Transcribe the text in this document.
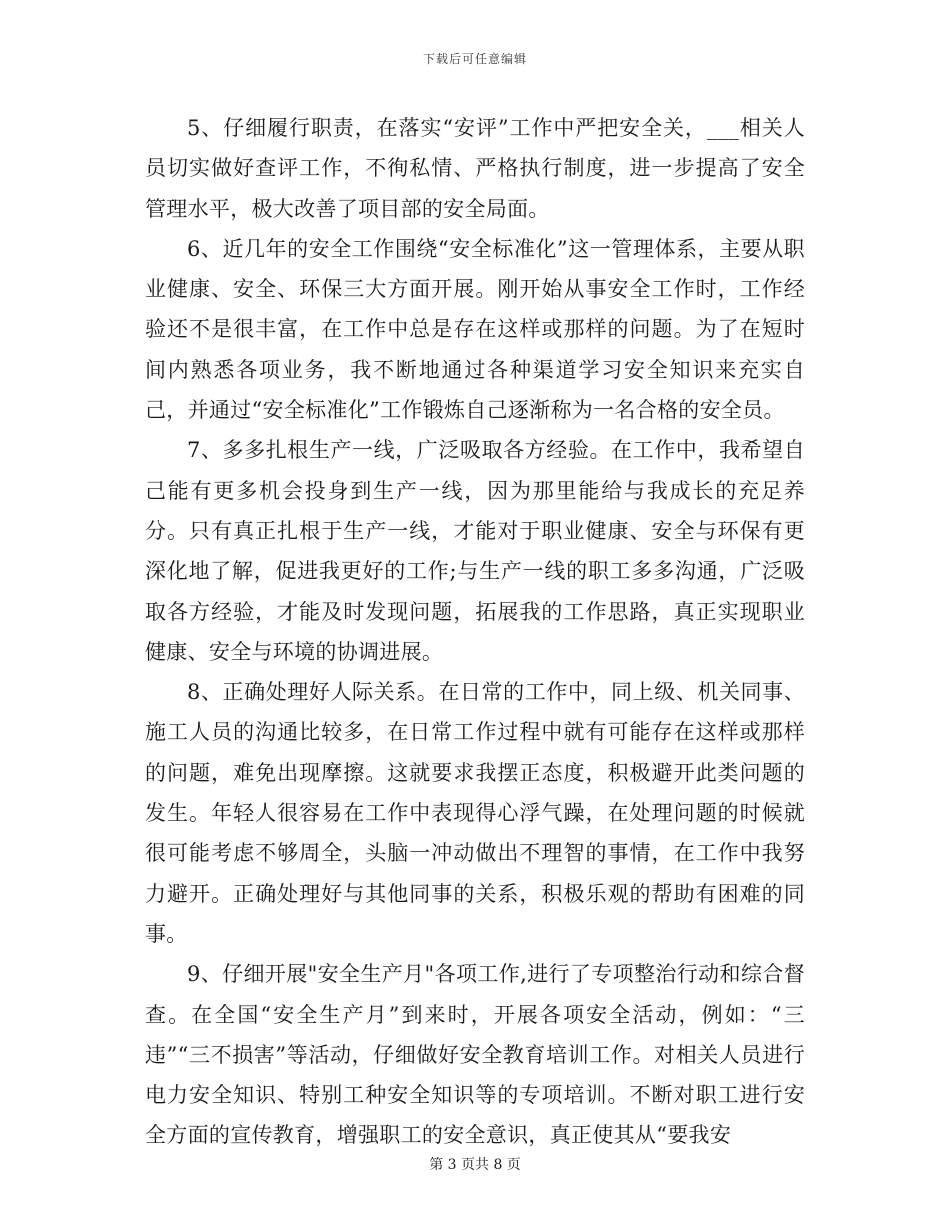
下载后可任意编辑

5、仔细履行职责，在落实“安评”工作中严把安全关，___相关人员切实做好查评工作，不徇私情、严格执行制度，进一步提高了安全管理水平，极大改善了项目部的安全局面。

6、近几年的安全工作围绕“安全标准化”这一管理体系，主要从职业健康、安全、环保三大方面开展。刚开始从事安全工作时，工作经验还不是很丰富，在工作中总是存在这样或那样的问题。为了在短时间内熟悉各项业务，我不断地通过各种渠道学习安全知识来充实自己，并通过“安全标准化”工作锻炼自己逐渐称为一名合格的安全员。

7、多多扎根生产一线，广泛吸取各方经验。在工作中，我希望自己能有更多机会投身到生产一线，因为那里能给与我成长的充足养分。只有真正扎根于生产一线，才能对于职业健康、安全与环保有更深化地了解，促进我更好的工作;与生产一线的职工多多沟通，广泛吸取各方经验，才能及时发现问题，拓展我的工作思路，真正实现职业健康、安全与环境的协调进展。

8、正确处理好人际关系。在日常的工作中，同上级、机关同事、施工人员的沟通比较多，在日常工作过程中就有可能存在这样或那样的问题，难免出现摩擦。这就要求我摆正态度，积极避开此类问题的发生。年轻人很容易在工作中表现得心浮气躁，在处理问题的时候就很可能考虑不够周全，头脑一冲动做出不理智的事情，在工作中我努力避开。正确处理好与其他同事的关系，积极乐观的帮助有困难的同事。

9、仔细开展"安全生产月"各项工作,进行了专项整治行动和综合督查。在全国“安全生产月”到来时，开展各项安全活动，例如：“三违”“三不损害”等活动，仔细做好安全教育培训工作。对相关人员进行电力安全知识、特别工种安全知识等的专项培训。不断对职工进行安全方面的宣传教育，增强职工的安全意识，真正使其从“要我安

第 3 页共 8 页
